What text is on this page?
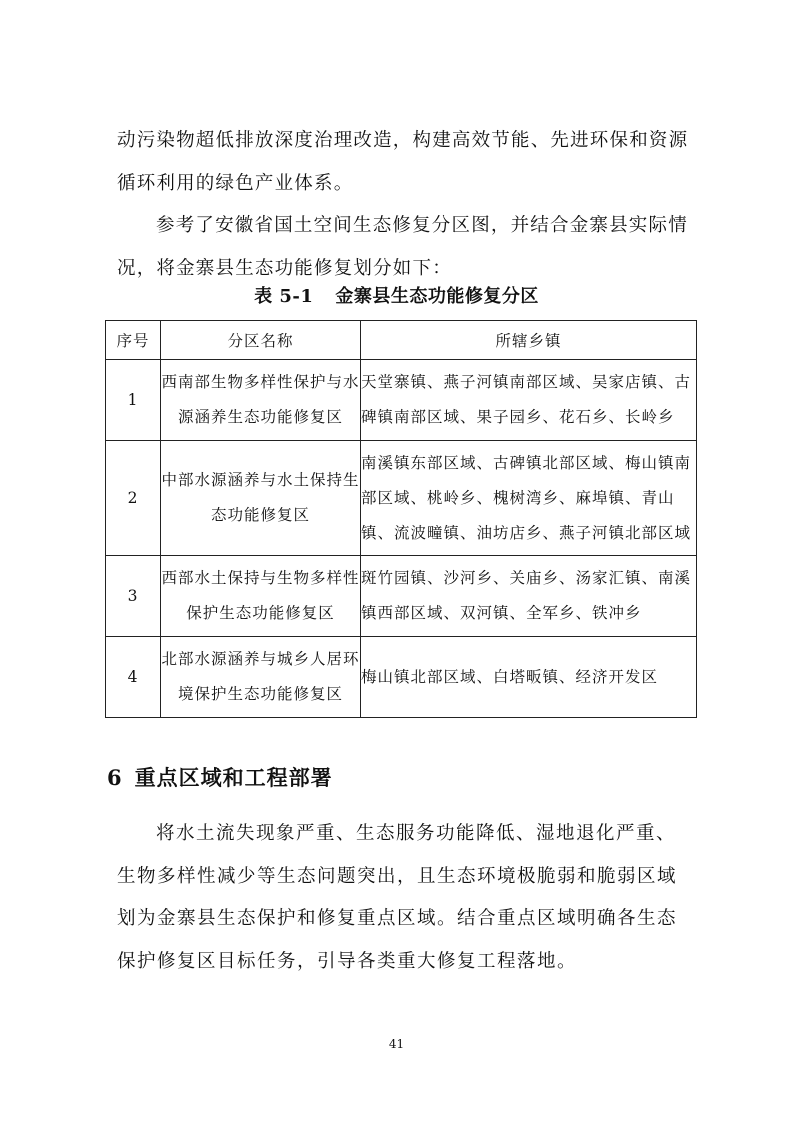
动污染物超低排放深度治理改造，构建高效节能、先进环保和资源循环利用的绿色产业体系。

参考了安徽省国土空间生态修复分区图，并结合金寨县实际情况，将金寨县生态功能修复划分如下：

表 5-1 金寨县生态功能修复分区

序号	分区名称	所辖乡镇
1	西南部生物多样性保护与水源涵养生态功能修复区	天堂寨镇、燕子河镇南部区域、吴家店镇、古碑镇南部区域、果子园乡、花石乡、长岭乡
2	中部水源涵养与水土保持生态功能修复区	南溪镇东部区域、古碑镇北部区域、梅山镇南部区域、桃岭乡、槐树湾乡、麻埠镇、青山镇、流波疃镇、油坊店乡、燕子河镇北部区域
3	西部水土保持与生物多样性保护生态功能修复区	斑竹园镇、沙河乡、关庙乡、汤家汇镇、南溪镇西部区域、双河镇、全军乡、铁冲乡
4	北部水源涵养与城乡人居环境保护生态功能修复区	梅山镇北部区域、白塔畈镇、经济开发区
6 重点区域和工程部署

将水土流失现象严重、生态服务功能降低、湿地退化严重、生物多样性减少等生态问题突出，且生态环境极脆弱和脆弱区域划为金寨县生态保护和修复重点区域。结合重点区域明确各生态保护修复区目标任务，引导各类重大修复工程落地。

41
